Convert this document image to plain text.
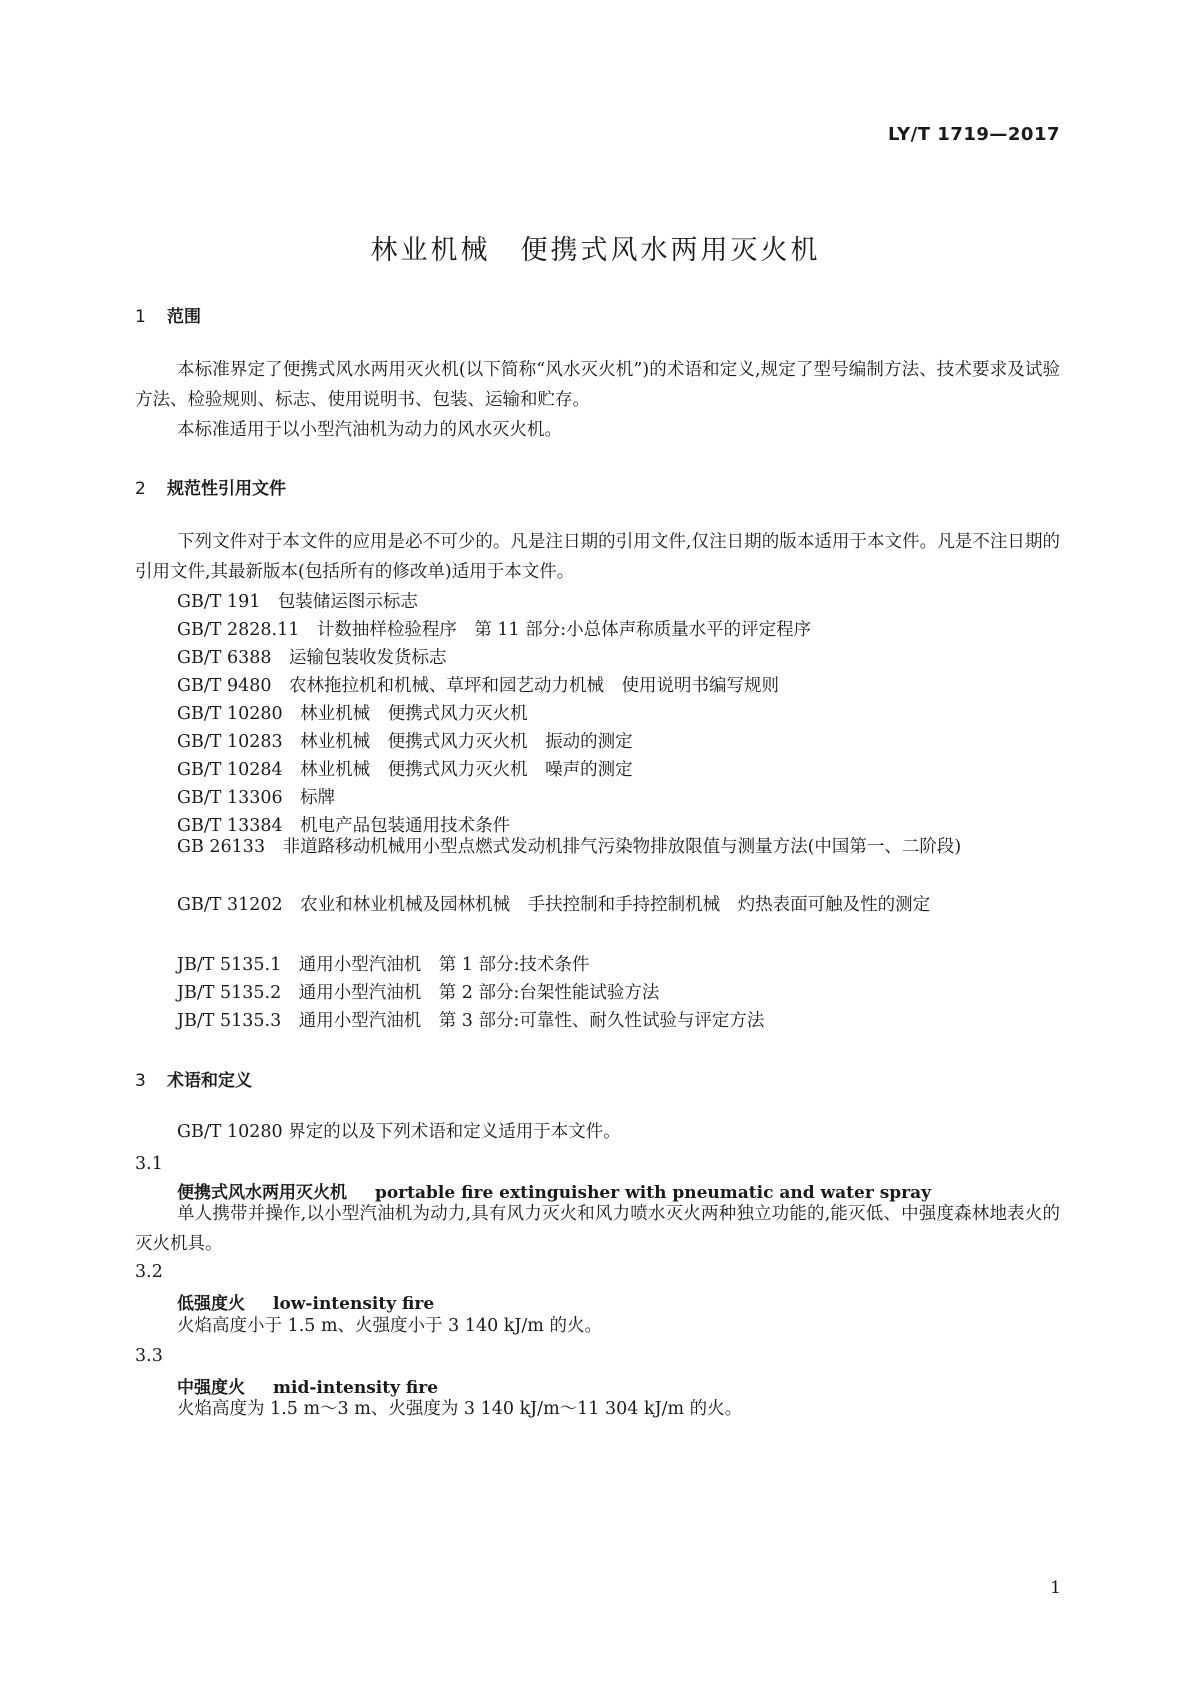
LY/T 1719—2017
林业机械　便携式风水两用灭火机
1 范围
本标准界定了便携式风水两用灭火机(以下简称“风水灭火机”)的术语和定义,规定了型号编制方法、技术要求及试验方法、检验规则、标志、使用说明书、包装、运输和贮存。
本标准适用于以小型汽油机为动力的风水灭火机。
2 规范性引用文件
下列文件对于本文件的应用是必不可少的。凡是注日期的引用文件,仅注日期的版本适用于本文件。凡是不注日期的引用文件,其最新版本(包括所有的修改单)适用于本文件。
GB/T 191　包装储运图示标志
GB/T 2828.11　计数抽样检验程序　第 11 部分:小总体声称质量水平的评定程序
GB/T 6388　运输包装收发货标志
GB/T 9480　农林拖拉机和机械、草坪和园艺动力机械　使用说明书编写规则
GB/T 10280　林业机械　便携式风力灭火机
GB/T 10283　林业机械　便携式风力灭火机　振动的测定
GB/T 10284　林业机械　便携式风力灭火机　噪声的测定
GB/T 13306　标牌
GB/T 13384　机电产品包装通用技术条件
GB 26133　非道路移动机械用小型点燃式发动机排气污染物排放限值与测量方法(中国第一、二阶段)
GB/T 31202　农业和林业机械及园林机械　手扶控制和手持控制机械　灼热表面可触及性的测定
JB/T 5135.1　通用小型汽油机　第 1 部分:技术条件
JB/T 5135.2　通用小型汽油机　第 2 部分:台架性能试验方法
JB/T 5135.3　通用小型汽油机　第 3 部分:可靠性、耐久性试验与评定方法
3 术语和定义
GB/T 10280 界定的以及下列术语和定义适用于本文件。
3.1
便携式风水两用灭火机 portable fire extinguisher with pneumatic and water spray
单人携带并操作,以小型汽油机为动力,具有风力灭火和风力喷水灭火两种独立功能的,能灭低、中强度森林地表火的灭火机具。
3.2
低强度火 low-intensity fire
火焰高度小于 1.5 m、火强度小于 3 140 kJ/m 的火。
3.3
中强度火 mid-intensity fire
火焰高度为 1.5 m～3 m、火强度为 3 140 kJ/m～11 304 kJ/m 的火。
1
